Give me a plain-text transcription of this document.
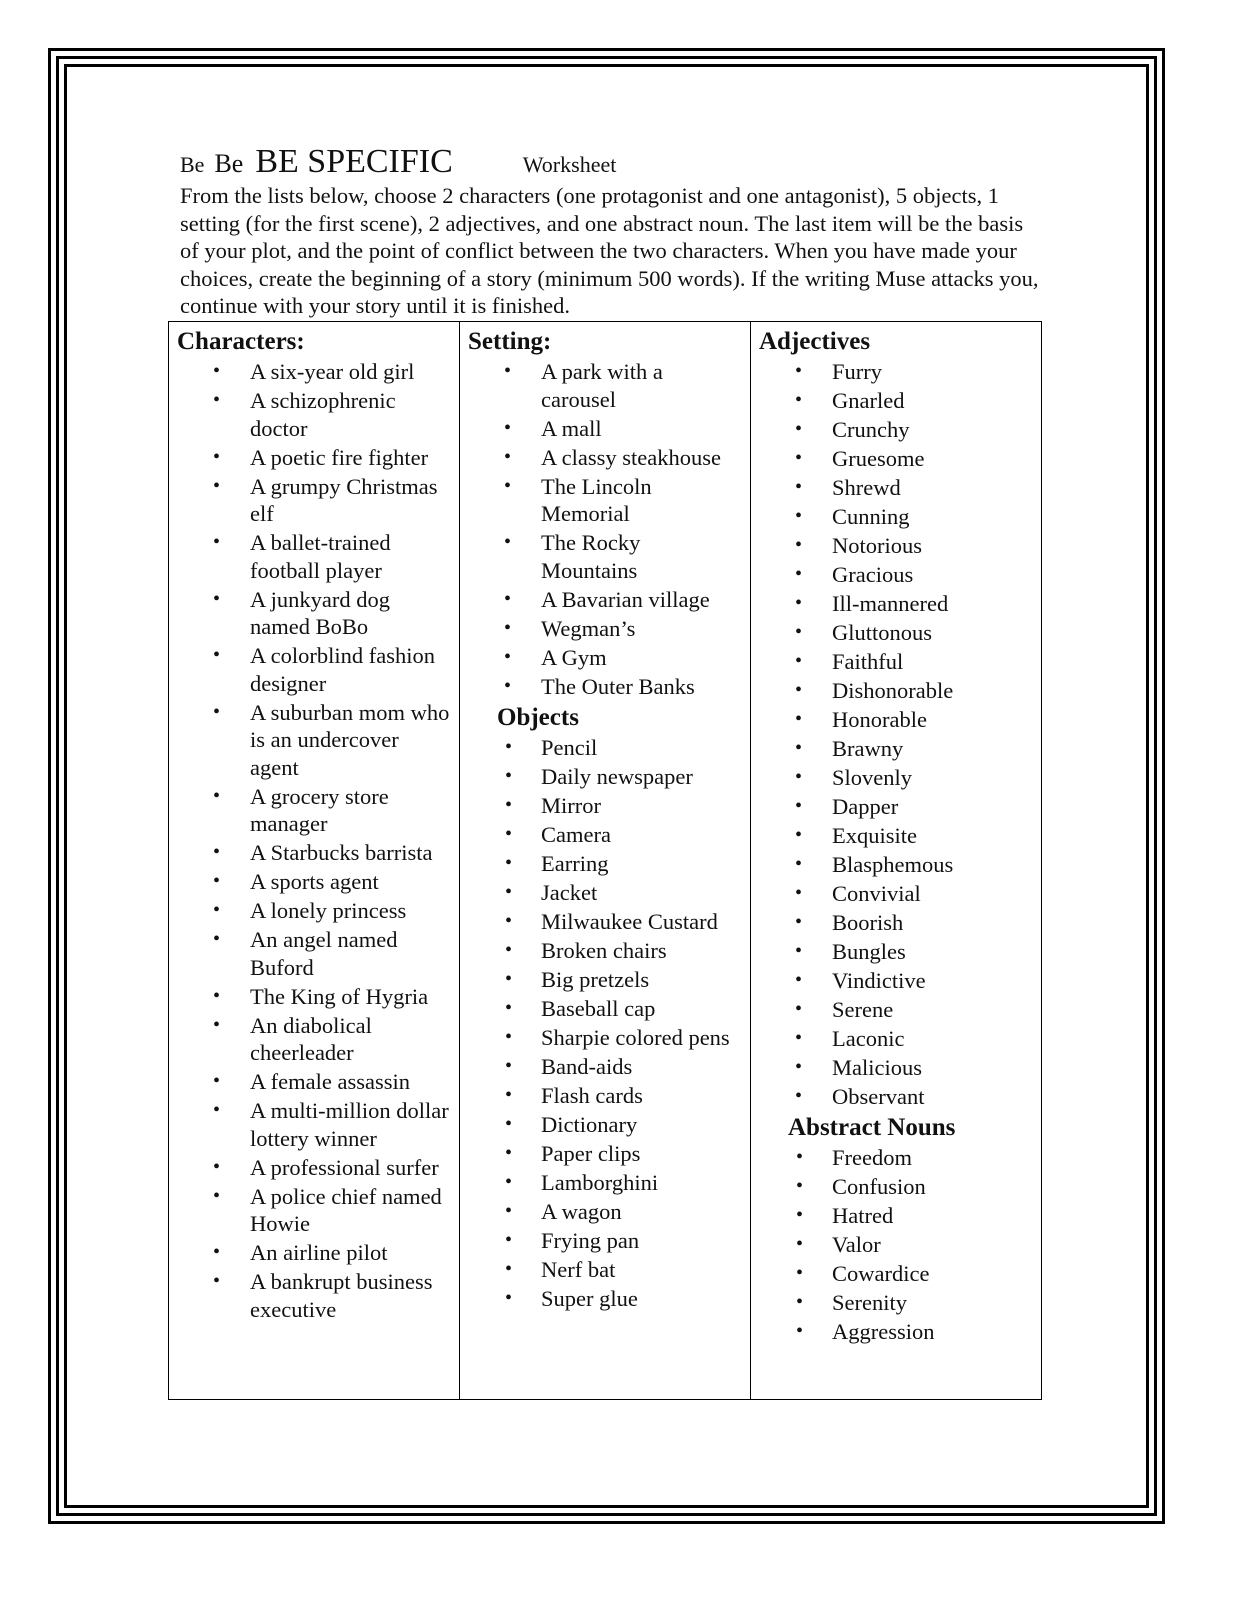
Be Be BE SPECIFIC	Worksheet

From the lists below, choose 2 characters (one protagonist and one antagonist), 5 objects, 1 setting (for the first scene), 2 adjectives, and one abstract noun. The last item will be the basis of your plot, and the point of conflict between the two characters. When you have made your choices, create the beginning of a story (minimum 500 words). If the writing Muse attacks you, continue with your story until it is finished.

Characters:
• A six-year old girl
• A schizophrenic doctor
• A poetic fire fighter
• A grumpy Christmas elf
• A ballet-trained football player
• A junkyard dog named BoBo
• A colorblind fashion designer
• A suburban mom who is an undercover agent
• A grocery store manager
• A Starbucks barrista
• A sports agent
• A lonely princess
• An angel named Buford
• The King of Hygria
• An diabolical cheerleader
• A female assassin
• A multi-million dollar lottery winner
• A professional surfer
• A police chief named Howie
• An airline pilot
• A bankrupt business executive

Setting:
• A park with a carousel
• A mall
• A classy steakhouse
• The Lincoln Memorial
• The Rocky Mountains
• A Bavarian village
• Wegman’s
• A Gym
• The Outer Banks
Objects
• Pencil
• Daily newspaper
• Mirror
• Camera
• Earring
• Jacket
• Milwaukee Custard
• Broken chairs
• Big pretzels
• Baseball cap
• Sharpie colored pens
• Band-aids
• Flash cards
• Dictionary
• Paper clips
• Lamborghini
• A wagon
• Frying pan
• Nerf bat
• Super glue

Adjectives
• Furry
• Gnarled
• Crunchy
• Gruesome
• Shrewd
• Cunning
• Notorious
• Gracious
• Ill-mannered
• Gluttonous
• Faithful
• Dishonorable
• Honorable
• Brawny
• Slovenly
• Dapper
• Exquisite
• Blasphemous
• Convivial
• Boorish
• Bungles
• Vindictive
• Serene
• Laconic
• Malicious
• Observant
Abstract Nouns
• Freedom
• Confusion
• Hatred
• Valor
• Cowardice
• Serenity
• Aggression
